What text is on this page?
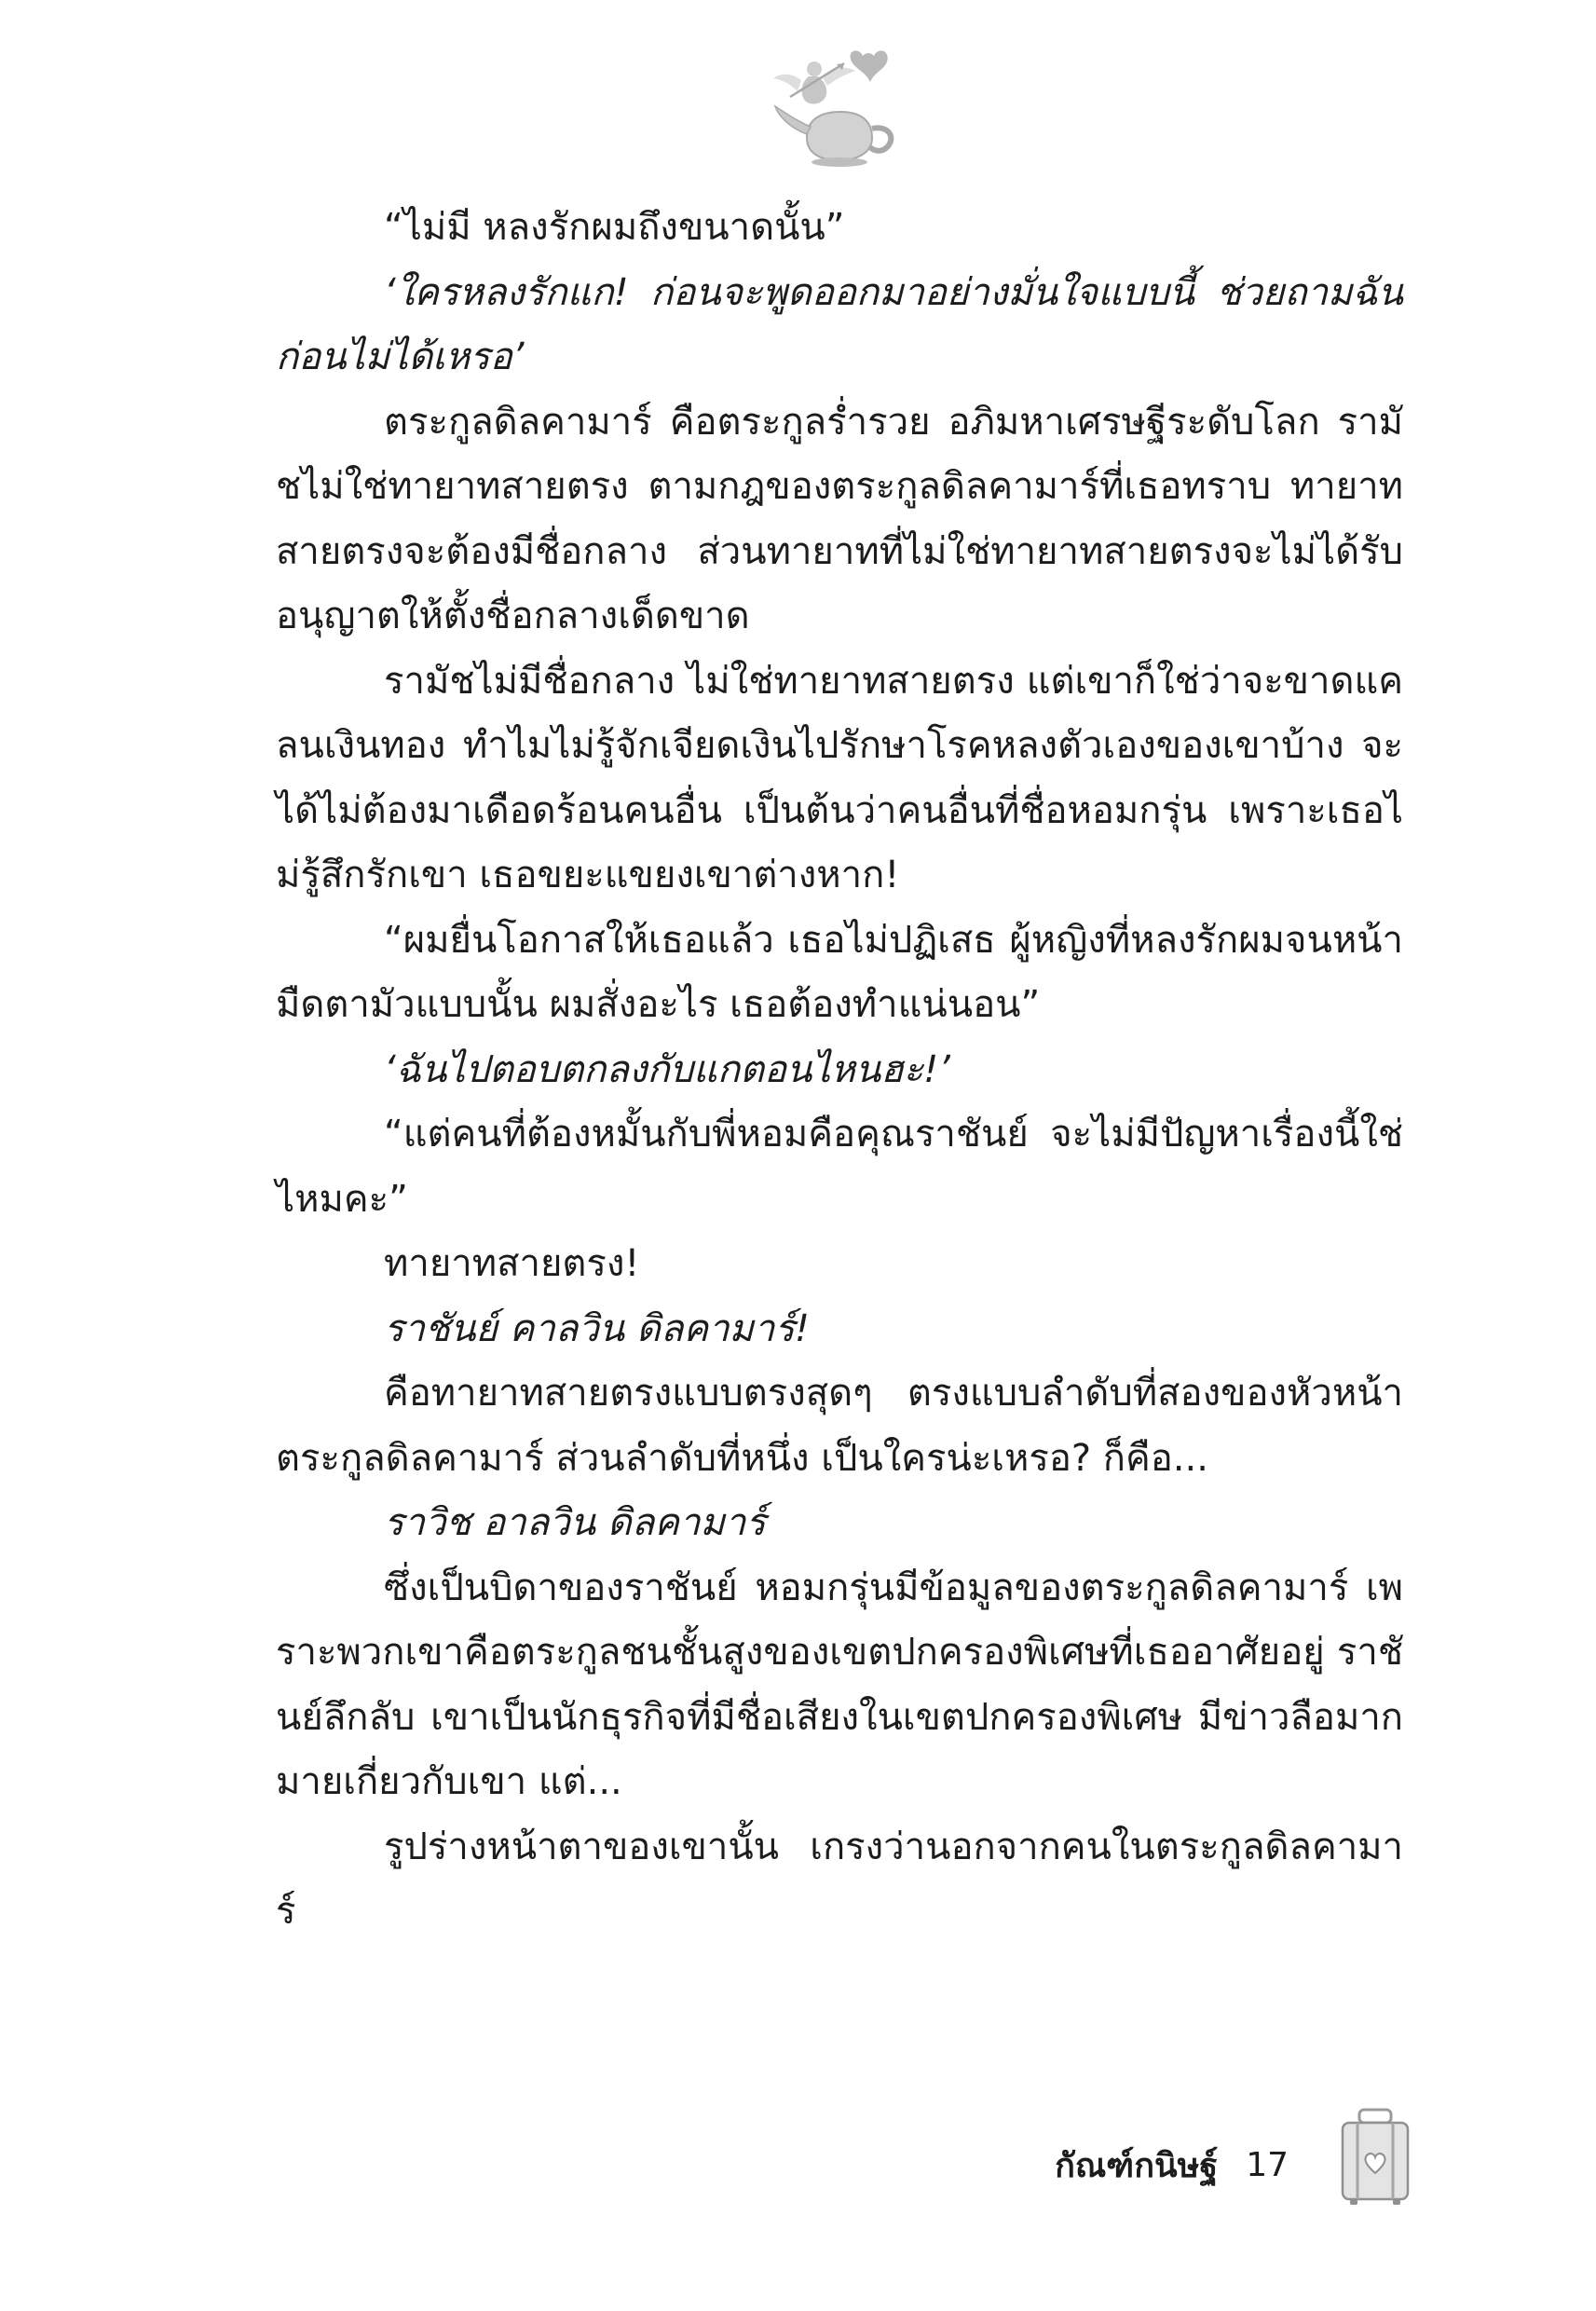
“ไม่มี หลงรักผมถึงขนาดนั้น”

‘ใครหลงรักแก! ก่อนจะพูดออกมาอย่างมั่นใจแบบนี้ ช่วยถามฉันก่อนไม่ได้เหรอ’

ตระกูลดิลคามาร์ คือตระกูลร่ำรวย อภิมหาเศรษฐีระดับโลก รามัชไม่ใช่ทายาทสายตรง ตามกฎของตระกูลดิลคามาร์ที่เธอทราบ ทายาทสายตรงจะต้องมีชื่อกลาง ส่วนทายาทที่ไม่ใช่ทายาทสายตรงจะไม่ได้รับอนุญาตให้ตั้งชื่อกลางเด็ดขาด

รามัชไม่มีชื่อกลาง ไม่ใช่ทายาทสายตรง แต่เขาก็ใช่ว่าจะขาดแคลนเงินทอง ทำไมไม่รู้จักเจียดเงินไปรักษาโรคหลงตัวเองของเขาบ้าง จะได้ไม่ต้องมาเดือดร้อนคนอื่น เป็นต้นว่าคนอื่นที่ชื่อหอมกรุ่น เพราะเธอไม่รู้สึกรักเขา เธอขยะแขยงเขาต่างหาก!

“ผมยื่นโอกาสให้เธอแล้ว เธอไม่ปฏิเสธ ผู้หญิงที่หลงรักผมจนหน้ามืดตามัวแบบนั้น ผมสั่งอะไร เธอต้องทำแน่นอน”

‘ฉันไปตอบตกลงกับแกตอนไหนฮะ!’

“แต่คนที่ต้องหมั้นกับพี่หอมคือคุณราชันย์ จะไม่มีปัญหาเรื่องนี้ใช่ไหมคะ”

ทายาทสายตรง!

ราชันย์ คาลวิน ดิลคามาร์!

คือทายาทสายตรงแบบตรงสุดๆ ตรงแบบลำดับที่สองของหัวหน้าตระกูลดิลคามาร์ ส่วนลำดับที่หนึ่ง เป็นใครน่ะเหรอ? ก็คือ...

ราวิช อาลวิน ดิลคามาร์

ซึ่งเป็นบิดาของราชันย์ หอมกรุ่นมีข้อมูลของตระกูลดิลคามาร์ เพราะพวกเขาคือตระกูลชนชั้นสูงของเขตปกครองพิเศษที่เธออาศัยอยู่ ราชันย์ลึกลับ เขาเป็นนักธุรกิจที่มีชื่อเสียงในเขตปกครองพิเศษ มีข่าวลือมากมายเกี่ยวกับเขา แต่...

รูปร่างหน้าตาของเขานั้น เกรงว่านอกจากคนในตระกูลดิลคามาร์

กัณฑ์กนิษฐ์ 17
